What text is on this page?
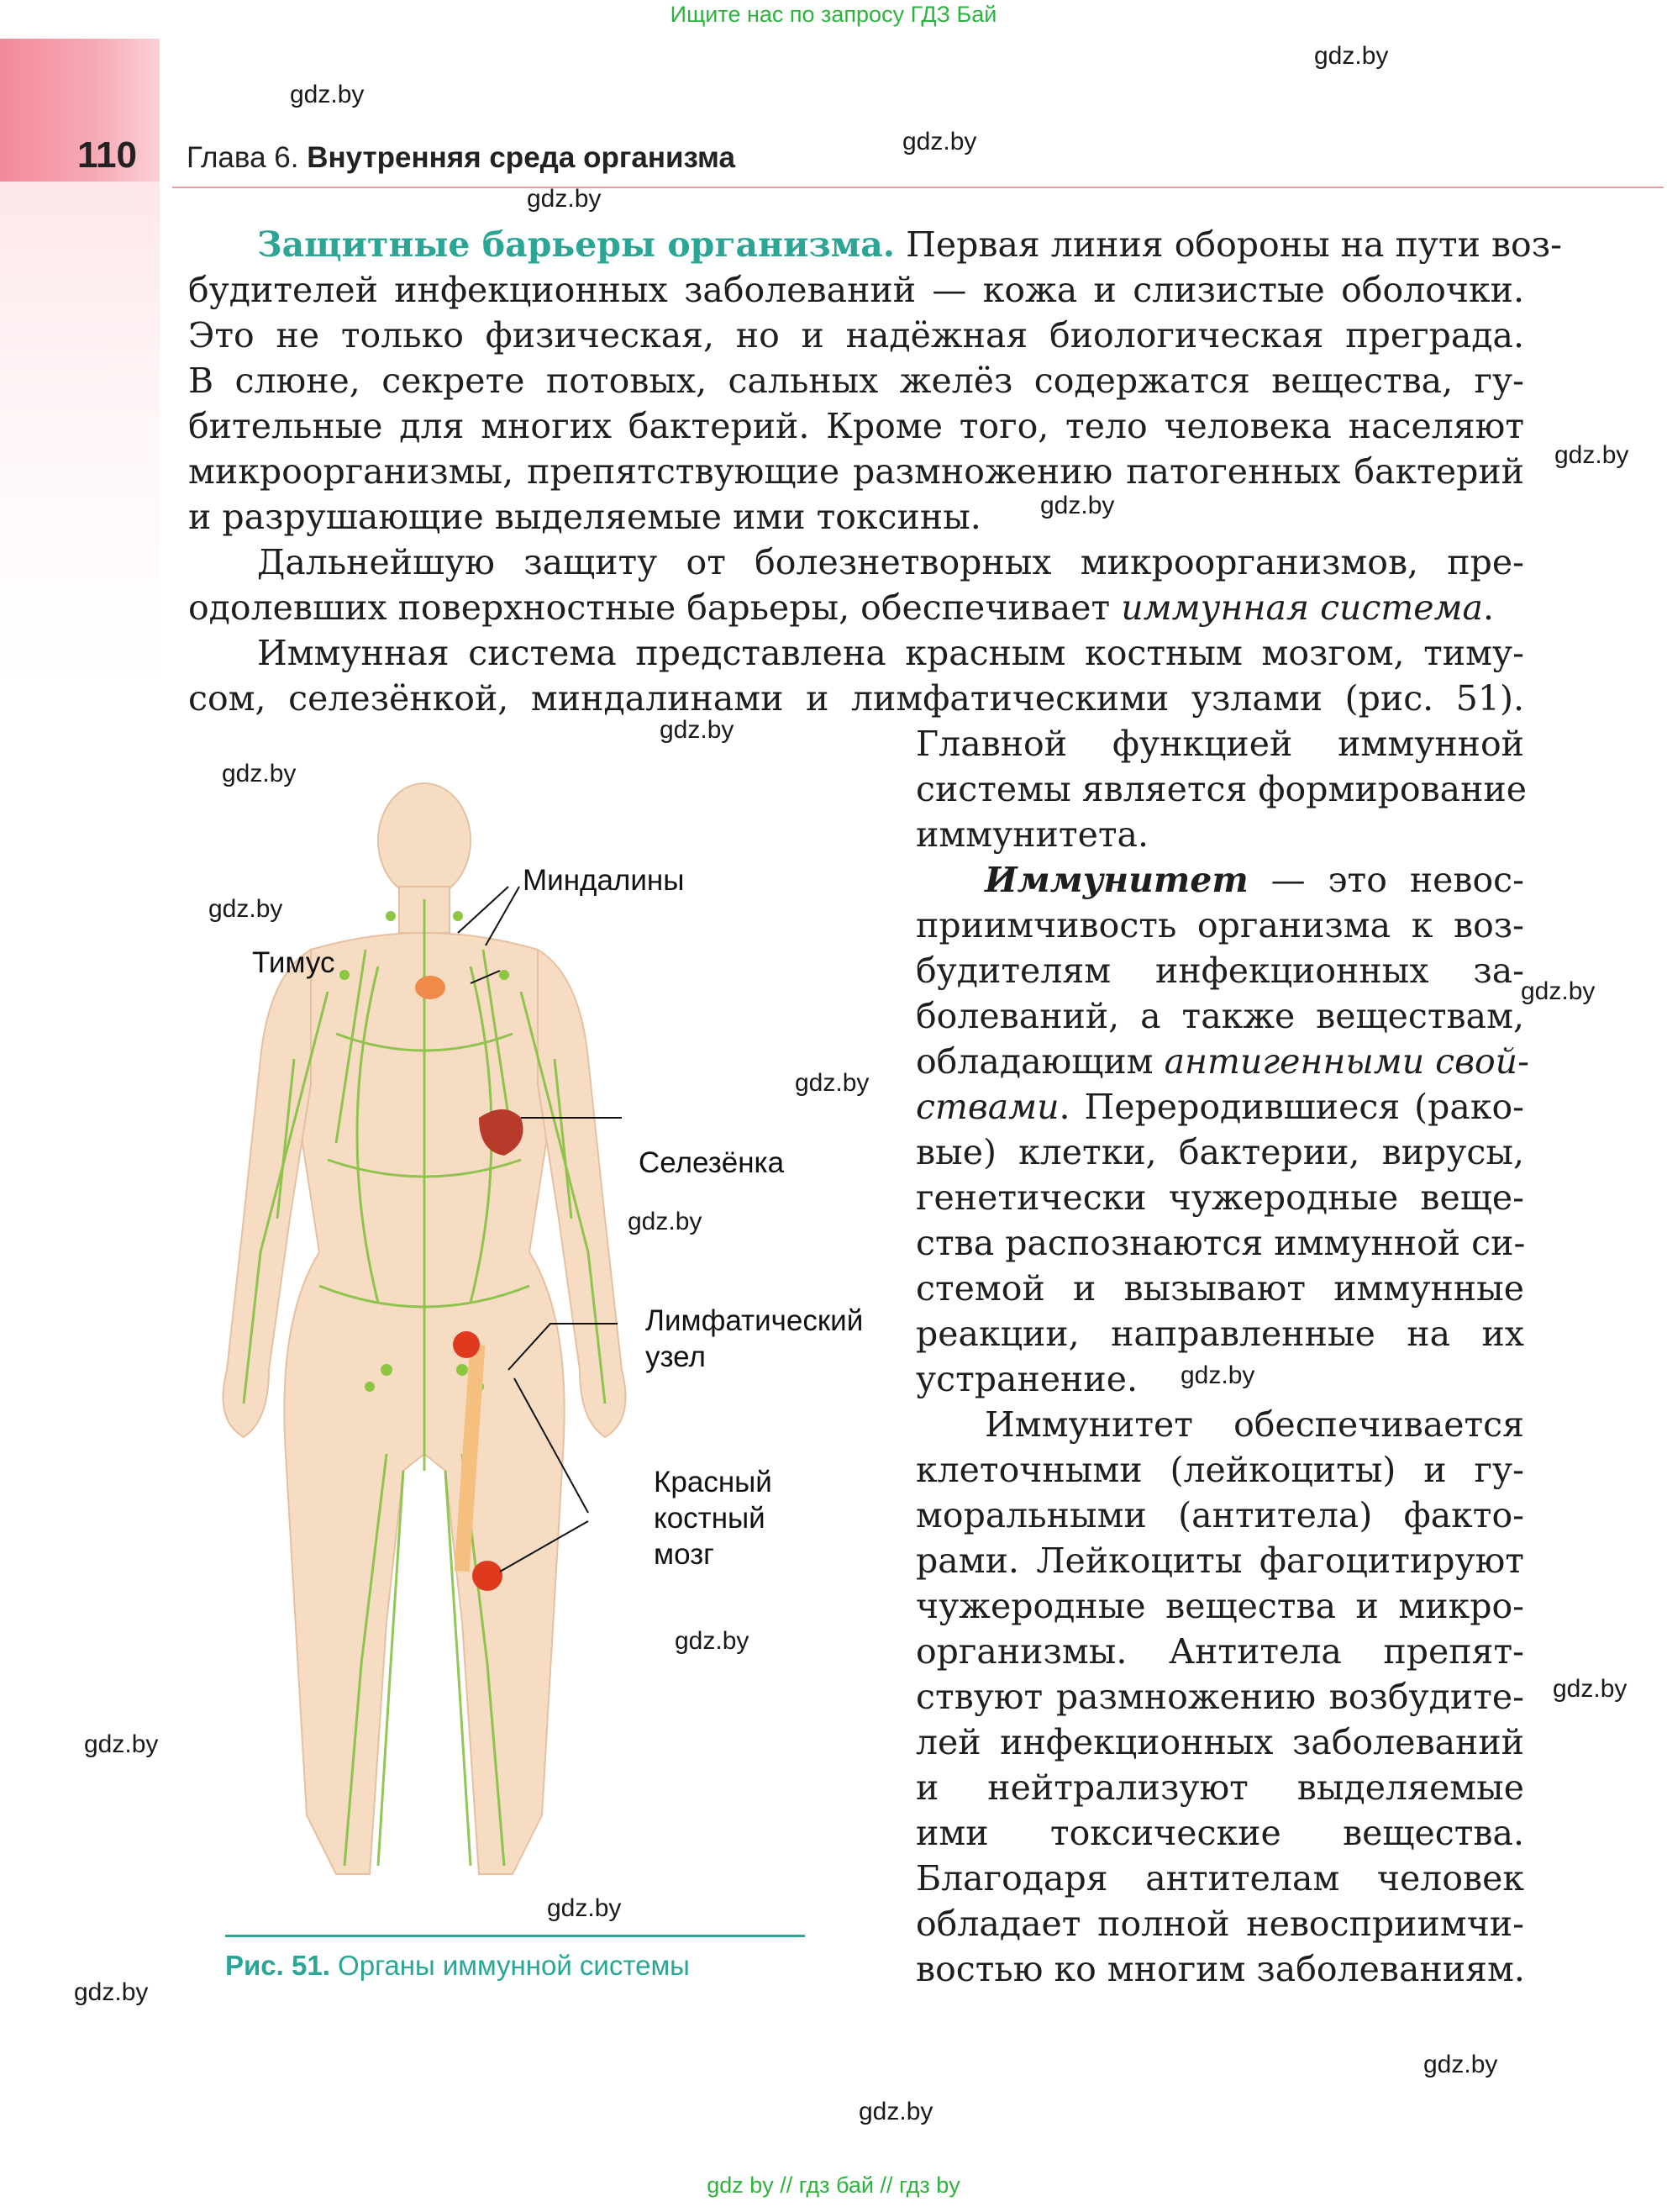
Ищите нас по запросу ГДЗ Бай
110 Глава 6. Внутренняя среда организма
gdz.by
gdz.by
gdz.by
gdz.by
gdz.by
gdz.by
gdz.by
gdz.by
gdz.by
gdz.by
gdz.by
gdz.by
gdz.by
gdz.by
gdz.by
gdz.by
gdz.by
gdz.by
gdz.by
gdz.by
Защитные барьеры организма. Первая линия обороны на пути воз-
будителей инфекционных заболеваний — кожа и слизистые оболочки.
Это не только физическая, но и надёжная биологическая преграда.
В слюне, секрете потовых, сальных желёз содержатся вещества, гу-
бительные для многих бактерий. Кроме того, тело человека населяют
микроорганизмы, препятствующие размножению патогенных бактерий
и разрушающие выделяемые ими токсины.
Дальнейшую защиту от болезнетворных микроорганизмов, пре-
одолевших поверхностные барьеры, обеспечивает иммунная система.
Иммунная система представлена красным костным мозгом, тиму-
сом, селезёнкой, миндалинами и лимфатическими узлами (рис. 51).
Главной функцией иммунной
системы является формирование
иммунитета.
Иммунитет — это невос-
приимчивость организма к воз-
будителям инфекционных за-
болеваний, а также веществам,
обладающим антигенными свой-
ствами. Переродившиеся (рако-
вые) клетки, бактерии, вирусы,
генетически чужеродные веще-
ства распознаются иммунной си-
стемой и вызывают иммунные
реакции, направленные на их
устранение.
Иммунитет обеспечивается
клеточными (лейкоциты) и гу-
моральными (антитела) факто-
рами. Лейкоциты фагоцитируют
чужеродные вещества и микро-
организмы. Антитела препят-
ствуют размножению возбудите-
лей инфекционных заболеваний
и нейтрализуют выделяемые
ими токсические вещества.
Благодаря антителам человек
обладает полной невосприимчи-
востью ко многим заболеваниям.
Миндалины
Тимус
Селезёнка
Лимфатический
узел
Красный
костный
мозг
Рис. 51. Органы иммунной системы
gdz by // гдз бай // гдз by
